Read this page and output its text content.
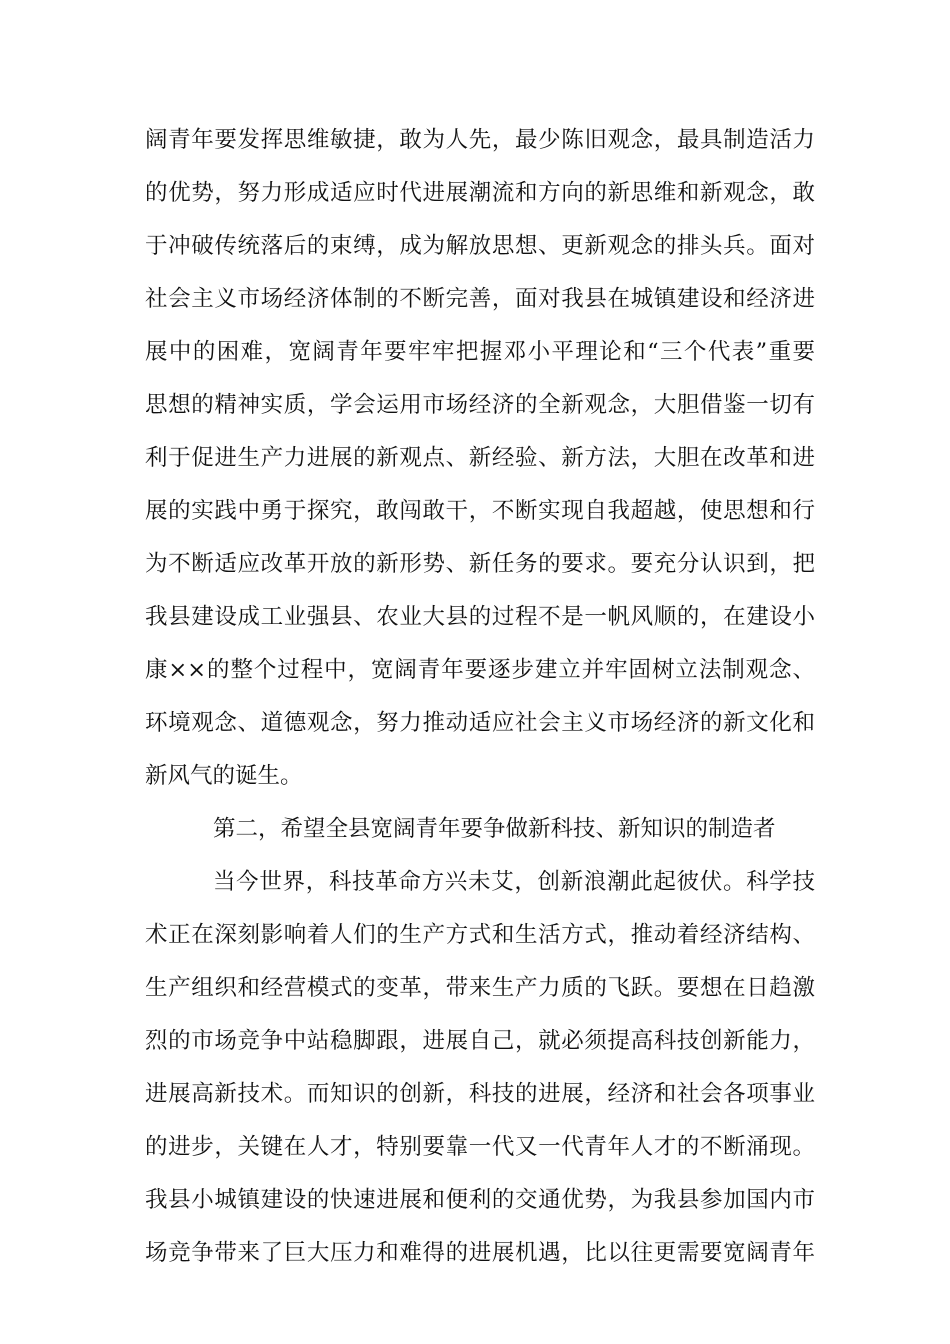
阔青年要发挥思维敏捷，敢为人先，最少陈旧观念，最具制造活力
的优势，努力形成适应时代进展潮流和方向的新思维和新观念，敢
于冲破传统落后的束缚，成为解放思想、更新观念的排头兵。面对
社会主义市场经济体制的不断完善，面对我县在城镇建设和经济进
展中的困难，宽阔青年要牢牢把握邓小平理论和“三个代表”重要
思想的精神实质，学会运用市场经济的全新观念，大胆借鉴一切有
利于促进生产力进展的新观点、新经验、新方法，大胆在改革和进
展的实践中勇于探究，敢闯敢干，不断实现自我超越，使思想和行
为不断适应改革开放的新形势、新任务的要求。要充分认识到，把
我县建设成工业强县、农业大县的过程不是一帆风顺的，在建设小
康××的整个过程中，宽阔青年要逐步建立并牢固树立法制观念、
环境观念、道德观念，努力推动适应社会主义市场经济的新文化和
新风气的诞生。
第二，希望全县宽阔青年要争做新科技、新知识的制造者
当今世界，科技革命方兴未艾，创新浪潮此起彼伏。科学技
术正在深刻影响着人们的生产方式和生活方式，推动着经济结构、
生产组织和经营模式的变革，带来生产力质的飞跃。要想在日趋激
烈的市场竞争中站稳脚跟，进展自己，就必须提高科技创新能力，
进展高新技术。而知识的创新，科技的进展，经济和社会各项事业
的进步，关键在人才，特别要靠一代又一代青年人才的不断涌现。
我县小城镇建设的快速进展和便利的交通优势，为我县参加国内市
场竞争带来了巨大压力和难得的进展机遇，比以往更需要宽阔青年
